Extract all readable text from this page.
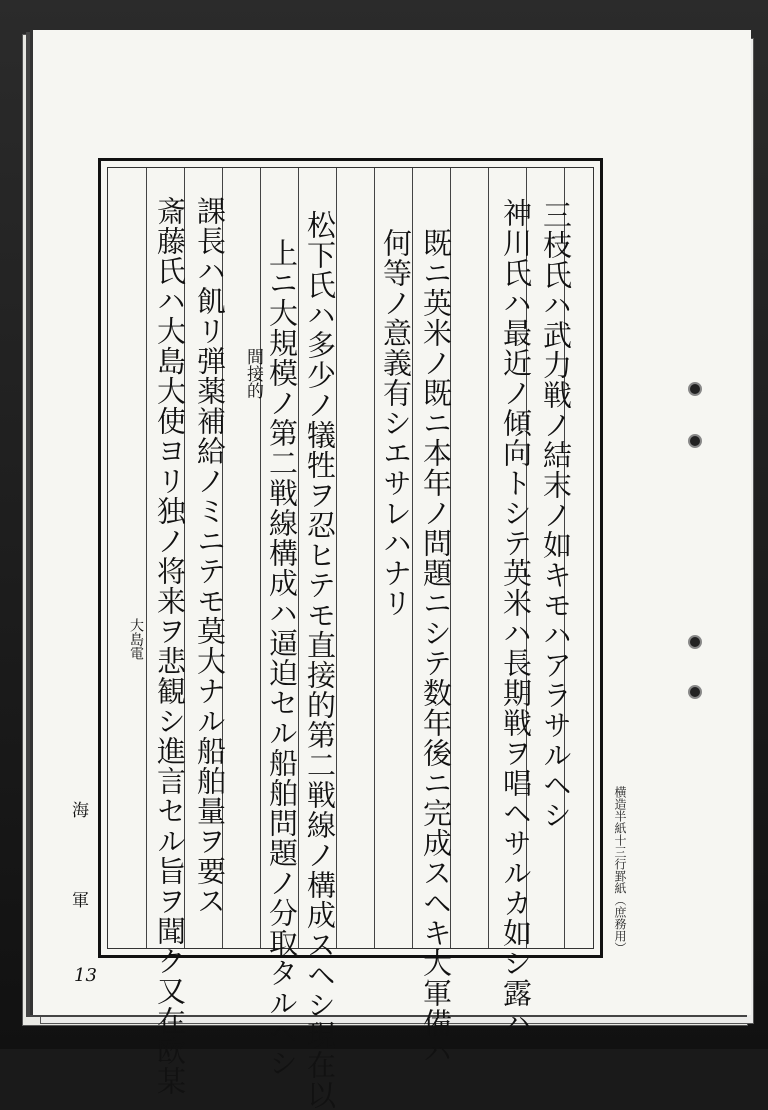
三枝氏ハ武力戦ノ結末ノ如キモハアラサルヘシ
神川氏ハ最近ノ傾向トシテ英米ハ長期戦ヲ唱ヘサルカ如シ露ハ
既ニ英米ノ既ニ本年ノ問題ニシテ数年後ニ完成スヘキ大軍備ハ
何等ノ意義有シエサレハナリ
松下氏ハ多少ノ犠牲ヲ忍ヒテモ直接的第二戦線ノ構成スヘシ現在以
上ニ大規模ノ第二戦線構成ハ逼迫セル船舶問題ノ分取タルヘシ
課長ハ飢リ弾薬補給ノミニテモ莫大ナル船舶量ヲ要ス
斎藤氏ハ大島大使ヨリ独ノ将来ヲ悲観シ進言セル旨ヲ聞ク又在欧某	間接的
大島電
海
軍	横造半紙十三行罫紙（庶務用）
13
